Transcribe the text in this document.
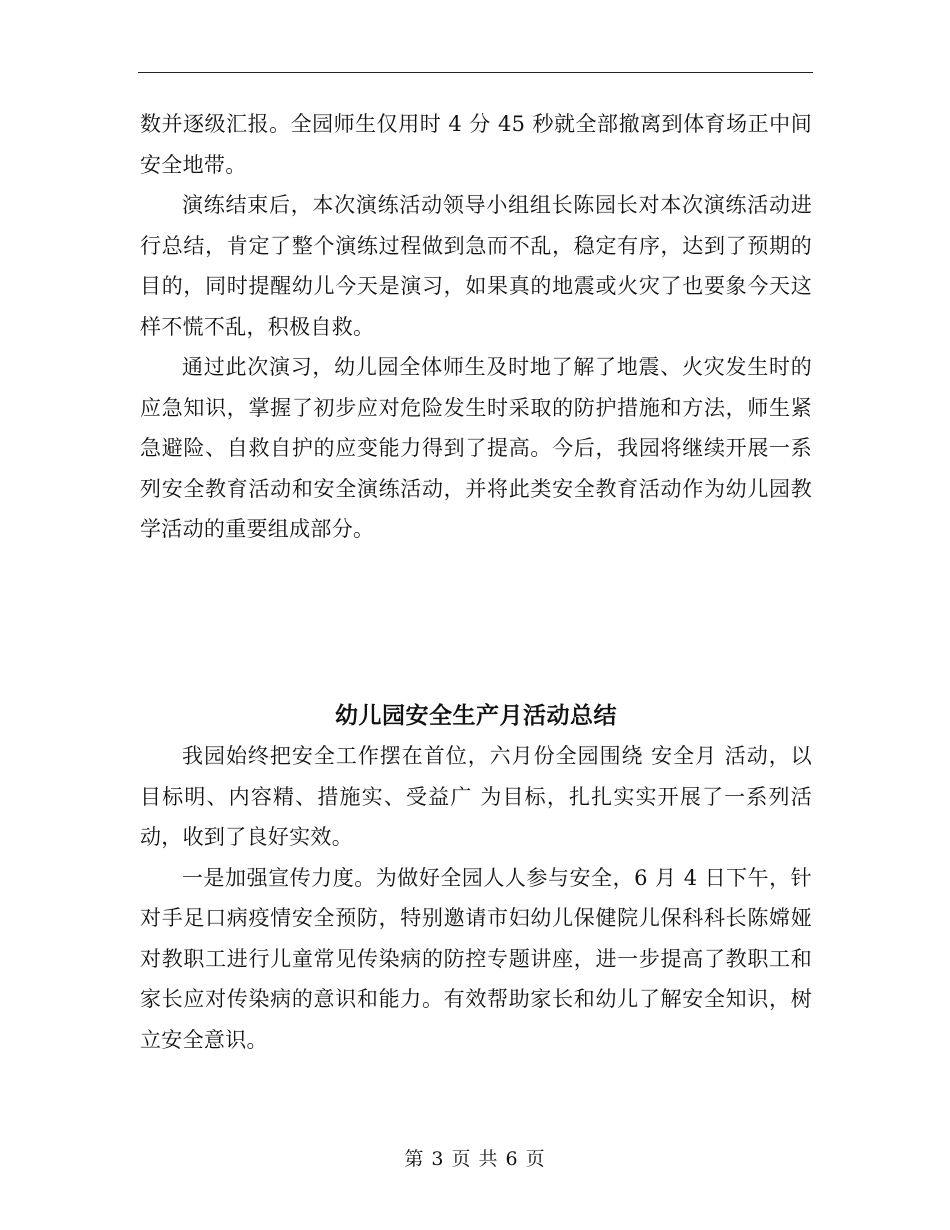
数并逐级汇报。全园师生仅用时 4 分 45 秒就全部撤离到体育场正中间安全地带。

演练结束后，本次演练活动领导小组组长陈园长对本次演练活动进行总结，肯定了整个演练过程做到急而不乱，稳定有序，达到了预期的目的，同时提醒幼儿今天是演习，如果真的地震或火灾了也要象今天这样不慌不乱，积极自救。

通过此次演习，幼儿园全体师生及时地了解了地震、火灾发生时的应急知识，掌握了初步应对危险发生时采取的防护措施和方法，师生紧急避险、自救自护的应变能力得到了提高。今后，我园将继续开展一系列安全教育活动和安全演练活动，并将此类安全教育活动作为幼儿园教学活动的重要组成部分。

幼儿园安全生产月活动总结

我园始终把安全工作摆在首位，六月份全园围绕 安全月 活动，以 目标明、内容精、措施实、受益广 为目标，扎扎实实开展了一系列活动，收到了良好实效。

一是加强宣传力度。为做好全园人人参与安全，6 月 4 日下午，针对手足口病疫情安全预防，特别邀请市妇幼儿保健院儿保科科长陈嫦娅对教职工进行儿童常见传染病的防控专题讲座，进一步提高了教职工和家长应对传染病的意识和能力。有效帮助家长和幼儿了解安全知识，树立安全意识。

第 3 页 共 6 页
